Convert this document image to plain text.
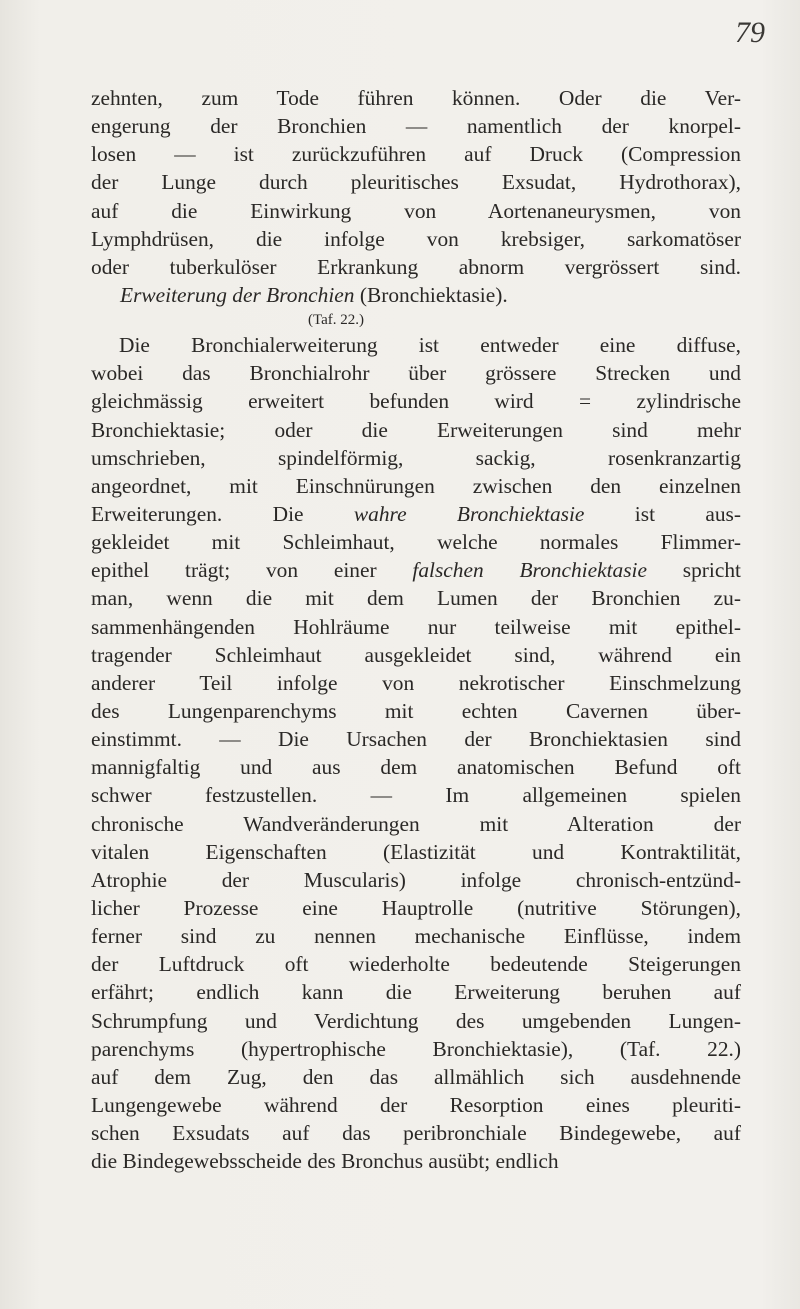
79
zehnten, zum Tode führen können. Oder die Ver-
engerung der Bronchien — namentlich der knorpel-
losen — ist zurückzuführen auf Druck (Compression
der Lunge durch pleuritisches Exsudat, Hydrothorax),
auf die Einwirkung von Aortenaneurysmen, von
Lymphdrüsen, die infolge von krebsiger, sarkomatöser
oder tuberkulöser Erkrankung abnorm vergrössert sind.
Erweiterung der Bronchien (Bronchiektasie).
(Taf. 22.)
Die Bronchialerweiterung ist entweder eine diffuse,
wobei das Bronchialrohr über grössere Strecken und
gleichmässig erweitert befunden wird = zylindrische
Bronchiektasie; oder die Erweiterungen sind mehr
umschrieben, spindelförmig, sackig, rosenkranzartig
angeordnet, mit Einschnürungen zwischen den einzelnen
Erweiterungen. Die wahre Bronchiektasie ist aus-
gekleidet mit Schleimhaut, welche normales Flimmer-
epithel trägt; von einer falschen Bronchiektasie spricht
man, wenn die mit dem Lumen der Bronchien zu-
sammenhängenden Hohlräume nur teilweise mit epithel-
tragender Schleimhaut ausgekleidet sind, während ein
anderer Teil infolge von nekrotischer Einschmelzung
des Lungenparenchyms mit echten Cavernen über-
einstimmt. — Die Ursachen der Bronchiektasien sind
mannigfaltig und aus dem anatomischen Befund oft
schwer festzustellen. — Im allgemeinen spielen
chronische Wandveränderungen mit Alteration der
vitalen Eigenschaften (Elastizität und Kontraktilität,
Atrophie der Muscularis) infolge chronisch-entzünd-
licher Prozesse eine Hauptrolle (nutritive Störungen),
ferner sind zu nennen mechanische Einflüsse, indem
der Luftdruck oft wiederholte bedeutende Steigerungen
erfährt; endlich kann die Erweiterung beruhen auf
Schrumpfung und Verdichtung des umgebenden Lungen-
parenchyms (hypertrophische Bronchiektasie), (Taf. 22.)
auf dem Zug, den das allmählich sich ausdehnende
Lungengewebe während der Resorption eines pleuriti-
schen Exsudats auf das peribronchiale Bindegewebe, auf
die Bindegewebsscheide des Bronchus ausübt; endlich
